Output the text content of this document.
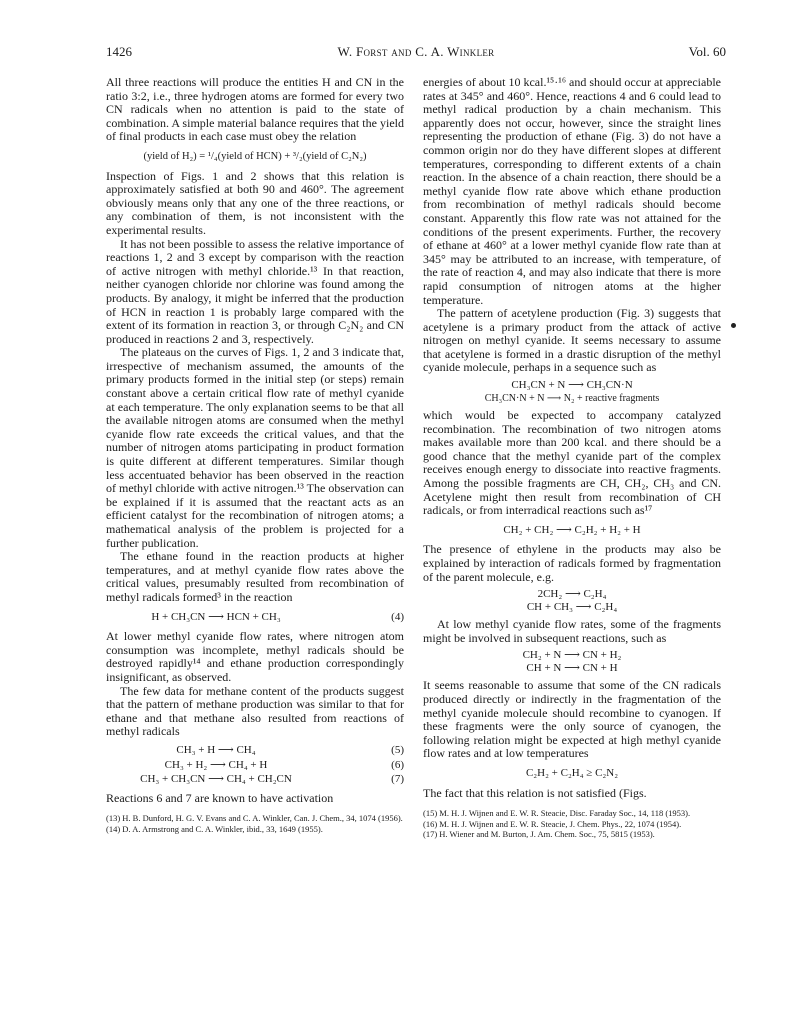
1426	W. Forst and C. A. Winkler	Vol. 60

All three reactions will produce the entities H and CN in the ratio 3:2, i.e., three hydrogen atoms are formed for every two CN radicals when no attention is paid to the state of combination. A simple material balance requires that the yield of final products in each case must obey the relation

(yield of H₂) = ¹/₄(yield of HCN) + ³/₂(yield of C₂N₂)

Inspection of Figs. 1 and 2 shows that this relation is approximately satisfied at both 90 and 460°. The agreement obviously means only that any one of the three reactions, or any combination of them, is not inconsistent with the experimental results.

It has not been possible to assess the relative importance of reactions 1, 2 and 3 except by comparison with the reaction of active nitrogen with methyl chloride.¹³ In that reaction, neither cyanogen chloride nor chlorine was found among the products. By analogy, it might be inferred that the production of HCN in reaction 1 is probably large compared with the extent of its formation in reaction 3, or through C₂N₂ and CN produced in reactions 2 and 3, respectively.

The plateaus on the curves of Figs. 1, 2 and 3 indicate that, irrespective of mechanism assumed, the amounts of the primary products formed in the initial step (or steps) remain constant above a certain critical flow rate of methyl cyanide at each temperature. The only explanation seems to be that all the available nitrogen atoms are consumed when the methyl cyanide flow rate exceeds the critical values, and that the number of nitrogen atoms participating in product formation is quite different at different temperatures. Similar though less accentuated behavior has been observed in the reaction of methyl chloride with active nitrogen.¹³ The observation can be explained if it is assumed that the reactant acts as an efficient catalyst for the recombination of nitrogen atoms; a mathematical analysis of the problem is projected for a further publication.

The ethane found in the reaction products at higher temperatures, and at methyl cyanide flow rates above the critical values, presumably resulted from recombination of methyl radicals formed³ in the reaction

H + CH₃CN ⟶ HCN + CH₃	(4)

At lower methyl cyanide flow rates, where nitrogen atom consumption was incomplete, methyl radicals should be destroyed rapidly¹⁴ and ethane production correspondingly insignificant, as observed.

The few data for methane content of the products suggest that the pattern of methane production was similar to that for ethane and that methane also resulted from reactions of methyl radicals

CH₃ + H ⟶ CH₄	(5)
CH₃ + H₂ ⟶ CH₄ + H	(6)
CH₃ + CH₃CN ⟶ CH₄ + CH₂CN	(7)

Reactions 6 and 7 are known to have activation

(13) H. B. Dunford, H. G. V. Evans and C. A. Winkler, Can. J. Chem., 34, 1074 (1956).

(14) D. A. Armstrong and C. A. Winkler, ibid., 33, 1649 (1955).

energies of about 10 kcal.¹⁵·¹⁶ and should occur at appreciable rates at 345° and 460°. Hence, reactions 4 and 6 could lead to methyl radical production by a chain mechanism. This apparently does not occur, however, since the straight lines representing the production of ethane (Fig. 3) do not have a common origin nor do they have different slopes at different temperatures, corresponding to different extents of a chain reaction. In the absence of a chain reaction, there should be a methyl cyanide flow rate above which ethane production from recombination of methyl radicals should become constant. Apparently this flow rate was not attained for the conditions of the present experiments. Further, the recovery of ethane at 460° at a lower methyl cyanide flow rate than at 345° may be attributed to an increase, with temperature, of the rate of reaction 4, and may also indicate that there is more rapid consumption of nitrogen atoms at the higher temperature.

The pattern of acetylene production (Fig. 3) suggests that acetylene is a primary product from the attack of active nitrogen on methyl cyanide. It seems necessary to assume that acetylene is formed in a drastic disruption of the methyl cyanide molecule, perhaps in a sequence such as

CH₃CN + N ⟶ CH₃CN·N
CH₃CN·N + N ⟶ N₂ + reactive fragments

which would be expected to accompany catalyzed recombination. The recombination of two nitrogen atoms makes available more than 200 kcal. and there should be a good chance that the methyl cyanide part of the complex receives enough energy to dissociate into reactive fragments. Among the possible fragments are CH, CH₂, CH₃ and CN. Acetylene might then result from recombination of CH radicals, or from interradical reactions such as¹⁷

CH₂ + CH₂ ⟶ C₂H₂ + H₂ + H

The presence of ethylene in the products may also be explained by interaction of radicals formed by fragmentation of the parent molecule, e.g.

2CH₂ ⟶ C₂H₄
CH + CH₃ ⟶ C₂H₄

At low methyl cyanide flow rates, some of the fragments might be involved in subsequent reactions, such as

CH₂ + N ⟶ CN + H₂
CH + N ⟶ CN + H

It seems reasonable to assume that some of the CN radicals produced directly or indirectly in the fragmentation of the methyl cyanide molecule should recombine to cyanogen. If these fragments were the only source of cyanogen, the following relation might be expected at high methyl cyanide flow rates and at low temperatures

C₂H₂ + C₂H₄ ≥ C₂N₂

The fact that this relation is not satisfied (Figs.

(15) M. H. J. Wijnen and E. W. R. Steacie, Disc. Faraday Soc., 14, 118 (1953).

(16) M. H. J. Wijnen and E. W. R. Steacie, J. Chem. Phys., 22, 1074 (1954).

(17) H. Wiener and M. Burton, J. Am. Chem. Soc., 75, 5815 (1953).
